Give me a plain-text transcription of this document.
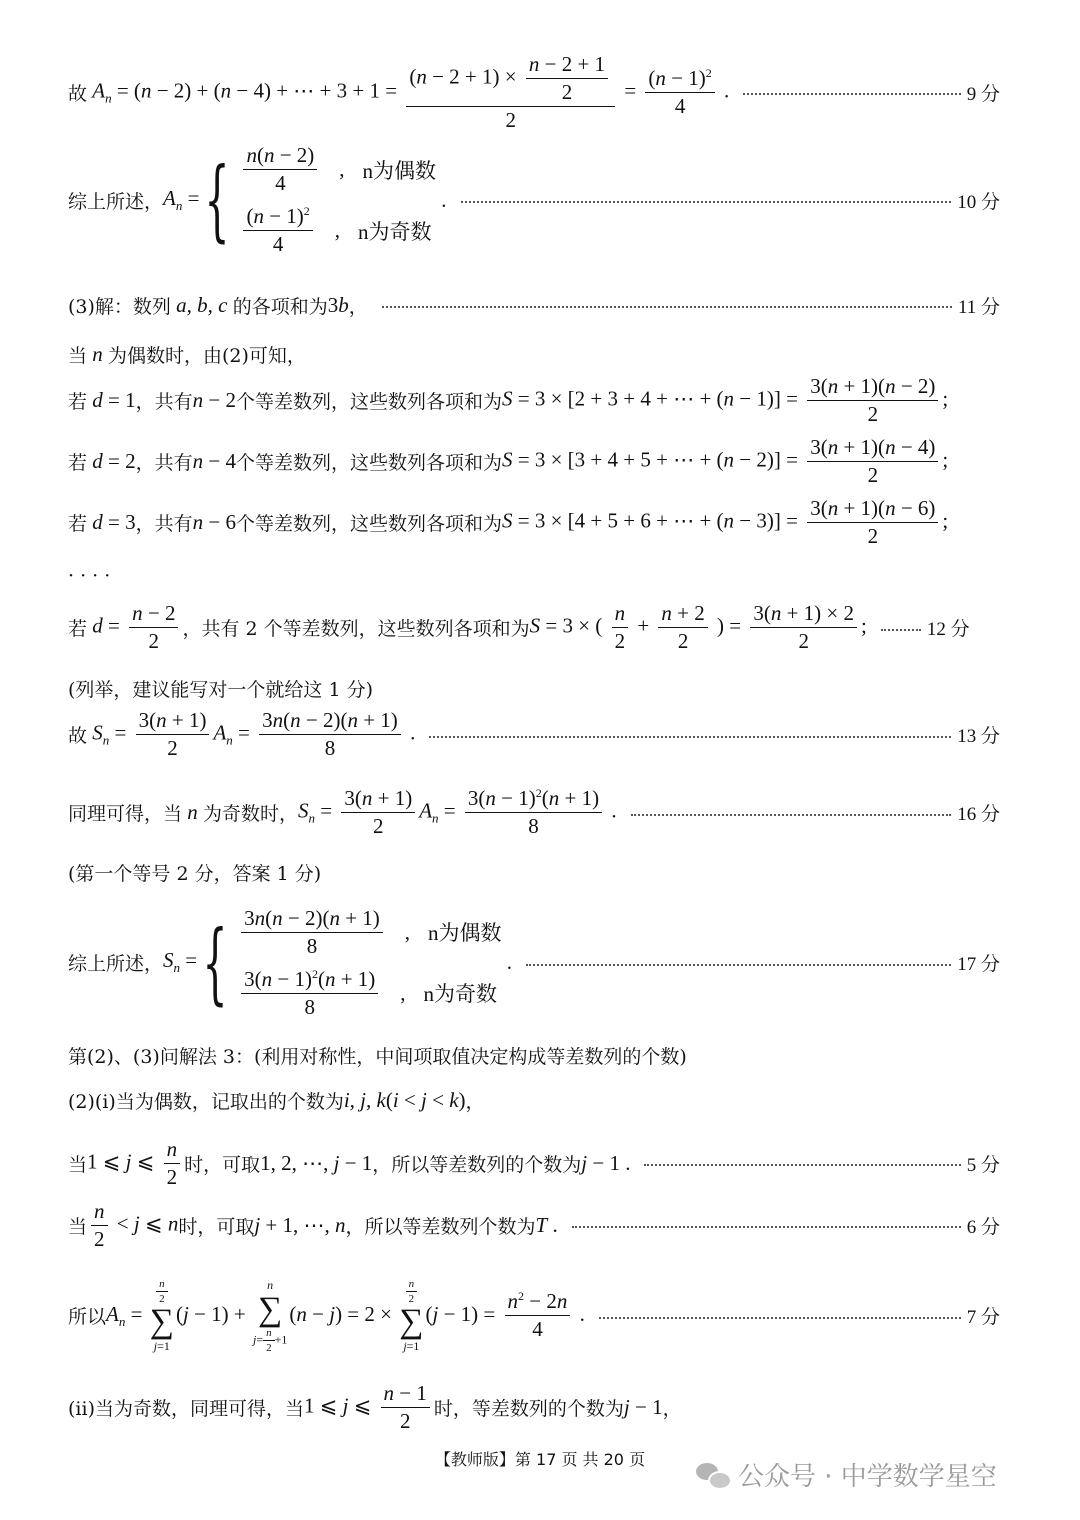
故 $A_n = (n - 2) + (n - 4)$ + ⋯ + $3 + 1 = \frac{(n - 2 + 1) \times \frac{n - 2 + 1}{2}}{2} = \frac{(n - 1)^2}{4}$ .	9 分
综上所述， $A_n$ = { $\frac{n(n - 2)}{4}$ , n为偶数
$\frac{(n - 1)^2}{4}$ , n为奇数
.	10 分
(3)解：数列 a, b, c 的各项和为 3b ，	11 分
当 n 为偶数时，由(2)可知，
若 d = 1 ，共有 n − 2 个等差数列，这些数列各项和为 S = 3 × [2 + 3 + 4 + ⋯ + $(n - 1)] = \frac{3(n + 1)(n - 2)}{2}$ ;
若 d = 2 ，共有 n − 4 个等差数列，这些数列各项和为 S = 3 × [3 + 4 + 5 + ⋯ + $(n - 2)] = \frac{3(n + 1)(n - 4)}{2}$ ;
若 d = 3 ，共有 n − 6 个等差数列，这些数列各项和为 S = 3 × [4 + 5 + 6 + ⋯ + $(n - 3)] = \frac{3(n + 1)(n - 6)}{2}$ ;
· · · ·
若 $d = \frac{n - 2}{2}$ ，共有 2 个等差数列，这些数列各项和为 S = 3 × ( $\frac{n}{2} + \frac{n + 2}{2}$ ) = $\frac{3(n + 1) \times 2}{2}$ ;	12 分
(列举，建议能写对一个就给这 1 分)
故 $S_n = \frac{3(n + 1)}{2} A_n = \frac{3n(n - 2)(n + 1)}{8}$ .	13 分
同理可得，当 n 为奇数时， $S_n = \frac{3(n + 1)}{2} A_n = \frac{3(n - 1)^2(n + 1)}{8}$ .	16 分
(第一个等号 2 分，答案 1 分)
综上所述， $S_n$ = { $\frac{3n(n - 2)(n + 1)}{8}$ , n为偶数
$\frac{3(n - 1)^2(n + 1)}{8}$ , n为奇数
.	17 分
第(2)、(3)问解法 3：(利用对称性，中间项取值决定构成等差数列的个数)
(2)(i)当为偶数，记取出的个数为 i, j, k(i < j < k) ，
当 1 ⩽ j ⩽ $\frac{n}{2}$ 时，可取 1, 2, ⋯, j − 1 ，所以等差数列的个数为 j − 1 .	5 分
当 $\frac{n}{2} < j$ ⩽ n 时，可取 j + 1, ⋯, n ，所以等差数列个数为 T .	6 分
所以 $A_n$ =
$\frac{n}{2}$
∑
j=1
(j − 1) +
n
∑
$j= \frac{n}{2} +1$
(n − j) = 2 ×
$\frac{n}{2}$
∑
j=1
$(j - 1) = \frac{n^2 - 2n}{4}$ .	7 分
(ii)当为奇数，同理可得，当 1 ⩽ j ⩽ $\frac{n - 1}{2}$ 时，等差数列的个数为 j − 1 ，
【教师版】第 17 页 共 20 页
公众号 · 中学数学星空
